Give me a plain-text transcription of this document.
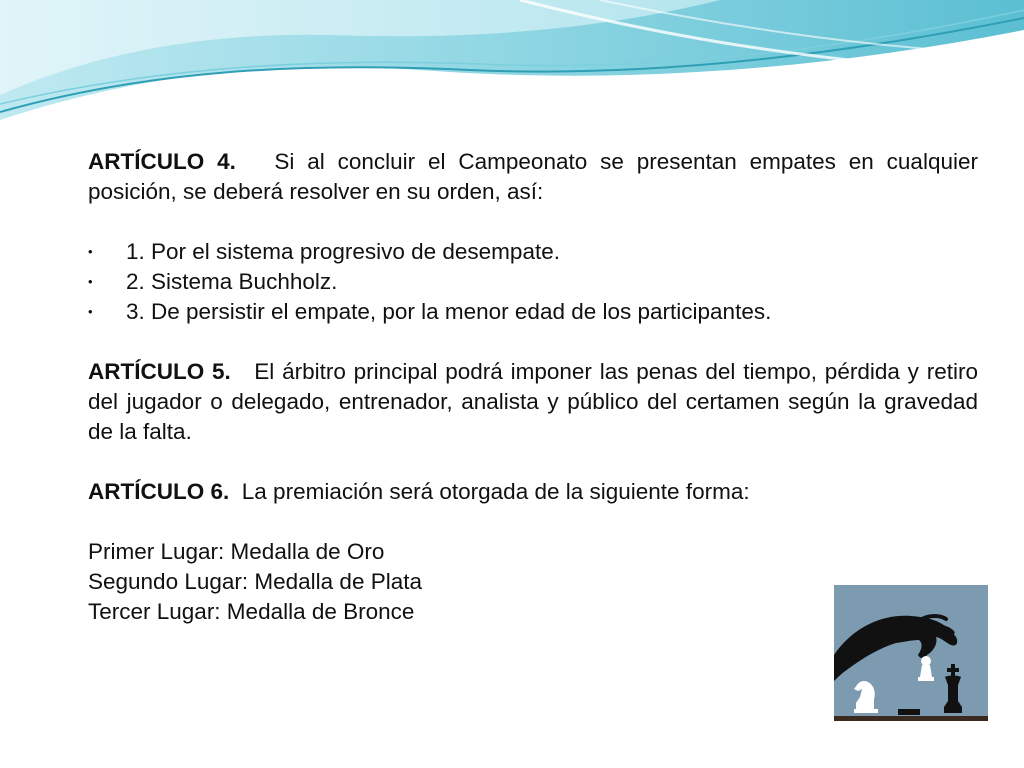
ARTÍCULO 4. Si al concluir el Campeonato se presentan empates en cualquier posición, se deberá resolver en su orden, así:

• 1. Por el sistema progresivo de desempate.
• 2. Sistema Buchholz.
• 3. De persistir el empate, por la menor edad de los participantes.

ARTÍCULO 5. El árbitro principal podrá imponer las penas del tiempo, pérdida y retiro del jugador o delegado, entrenador, analista y público del certamen según la gravedad de la falta.

ARTÍCULO 6. La premiación será otorgada de la siguiente forma:

Primer Lugar: Medalla de Oro

Segundo Lugar: Medalla de Plata

Tercer Lugar: Medalla de Bronce
